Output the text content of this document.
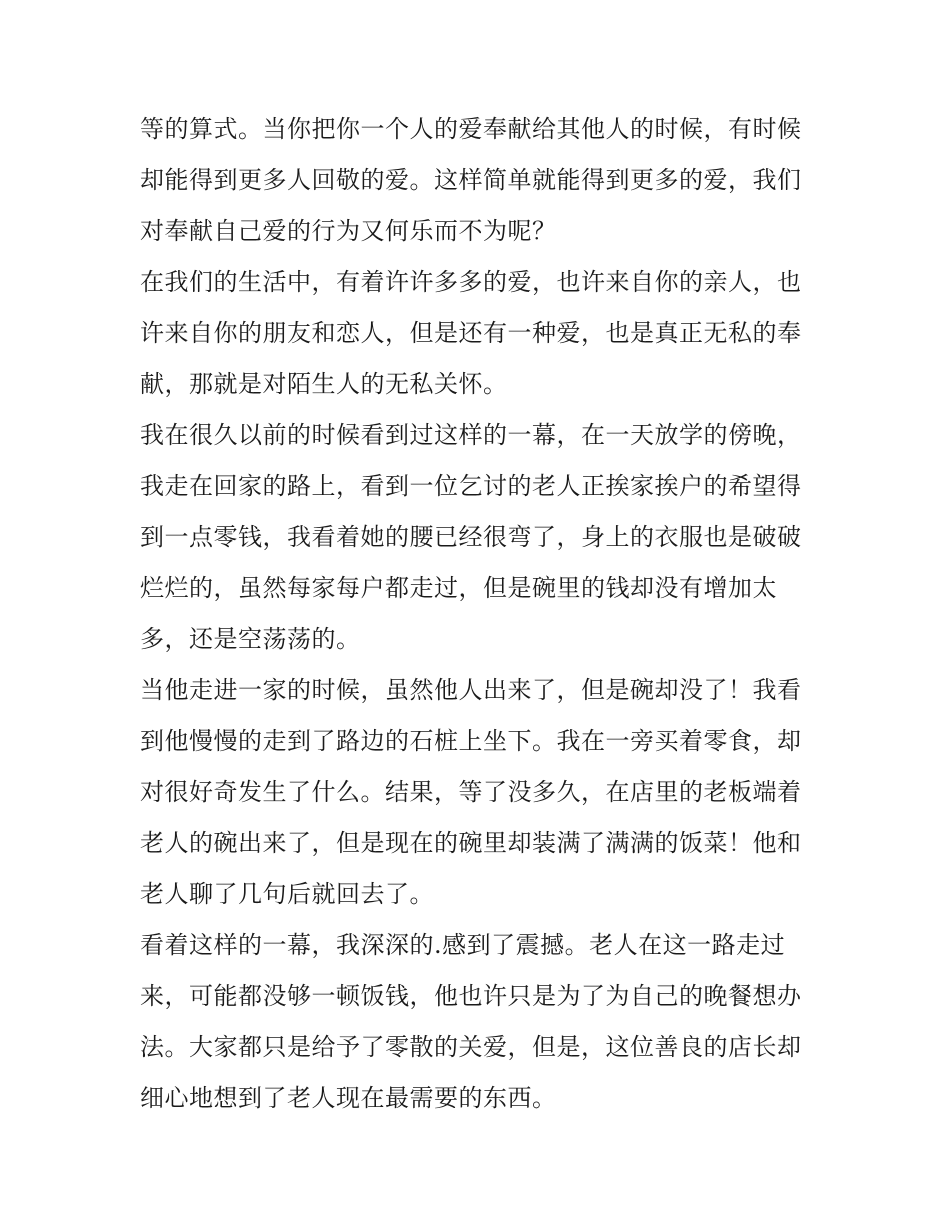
等的算式。当你把你一个人的爱奉献给其他人的时候，有时候
却能得到更多人回敬的爱。这样简单就能得到更多的爱，我们
对奉献自己爱的行为又何乐而不为呢？
在我们的生活中，有着许许多多的爱，也许来自你的亲人，也
许来自你的朋友和恋人，但是还有一种爱，也是真正无私的奉
献，那就是对陌生人的无私关怀。
我在很久以前的时候看到过这样的一幕，在一天放学的傍晚，
我走在回家的路上，看到一位乞讨的老人正挨家挨户的希望得
到一点零钱，我看着她的腰已经很弯了，身上的衣服也是破破
烂烂的，虽然每家每户都走过，但是碗里的钱却没有增加太
多，还是空荡荡的。
当他走进一家的时候，虽然他人出来了，但是碗却没了！我看
到他慢慢的走到了路边的石桩上坐下。我在一旁买着零食，却
对很好奇发生了什么。结果，等了没多久，在店里的老板端着
老人的碗出来了，但是现在的碗里却装满了满满的饭菜！他和
老人聊了几句后就回去了。
看着这样的一幕，我深深的.感到了震撼。老人在这一路走过
来，可能都没够一顿饭钱，他也许只是为了为自己的晚餐想办
法。大家都只是给予了零散的关爱，但是，这位善良的店长却
细心地想到了老人现在最需要的东西。
